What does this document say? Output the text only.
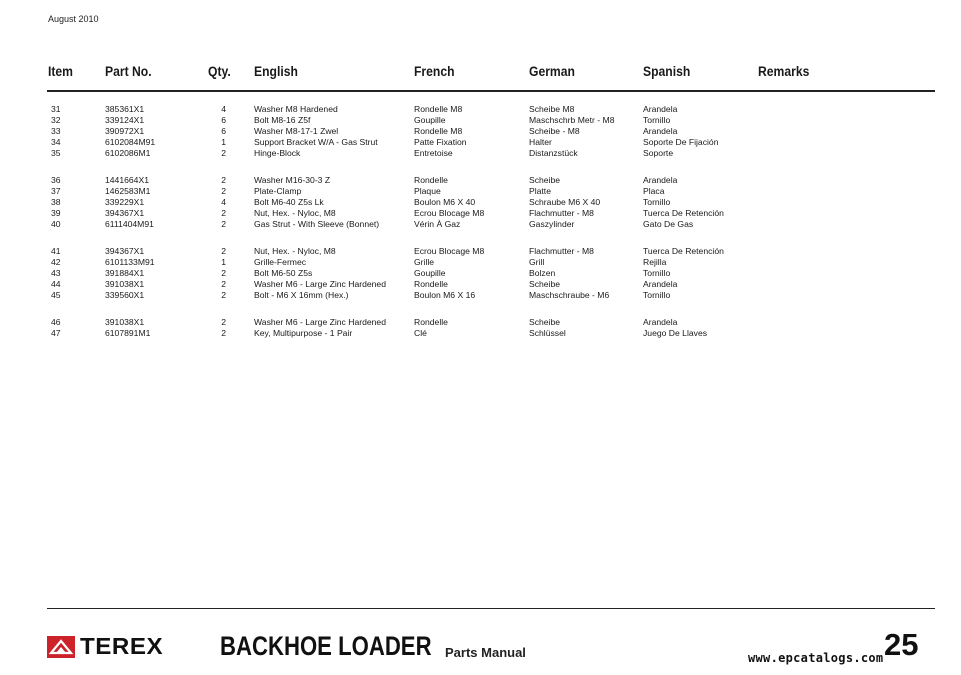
August 2010
Item Part No.	Qty. English	French	German	Spanish	Remarks
31	385361X1	4	Washer M8 Hardened	Rondelle M8	Scheibe M8	Arandela
32	339124X1	6	Bolt M8-16 Z5f	Goupille	Maschschrb Metr - M8	Tornillo
33	390972X1	6	Washer M8-17-1 Zwel	Rondelle M8	Scheibe - M8	Arandela
34	6102084M91	1	Support Bracket W/A - Gas Strut	Patte Fixation	Halter	Soporte De Fijación
35	6102086M1	2	Hinge-Block	Entretoise	Distanzstück	Soporte
36	1441664X1	2	Washer M16-30-3 Z	Rondelle	Scheibe	Arandela
37	1462583M1	2	Plate-Clamp	Plaque	Platte	Placa
38	339229X1	4	Bolt M6-40 Z5s Lk	Boulon M6 X 40	Schraube M6 X 40	Tornillo
39	394367X1	2	Nut, Hex. - Nyloc, M8	Ecrou Blocage M8	Flachmutter - M8	Tuerca De Retención
40	6111404M91	2	Gas Strut - With Sleeve (Bonnet)	Vérin À Gaz	Gaszylinder	Gato De Gas
41	394367X1	2	Nut, Hex. - Nyloc, M8	Ecrou Blocage M8	Flachmutter - M8	Tuerca De Retención
42	6101133M91	1	Grille-Fermec	Grille	Grill	Rejilla
43	391884X1	2	Bolt M6-50 Z5s	Goupille	Bolzen	Tornillo
44	391038X1	2	Washer M6 - Large Zinc Hardened	Rondelle	Scheibe	Arandela
45	339560X1	2	Bolt - M6 X 16mm (Hex.)	Boulon M6 X 16	Maschschraube - M6	Tornillo
46	391038X1	2	Washer M6 - Large Zinc Hardened	Rondelle	Scheibe	Arandela
47	6107891M1	2	Key, Multipurpose - 1 Pair	Clé	Schlüssel	Juego De Llaves
TEREX BACKHOE LOADER Parts Manual	25
www.epcatalogs.com
